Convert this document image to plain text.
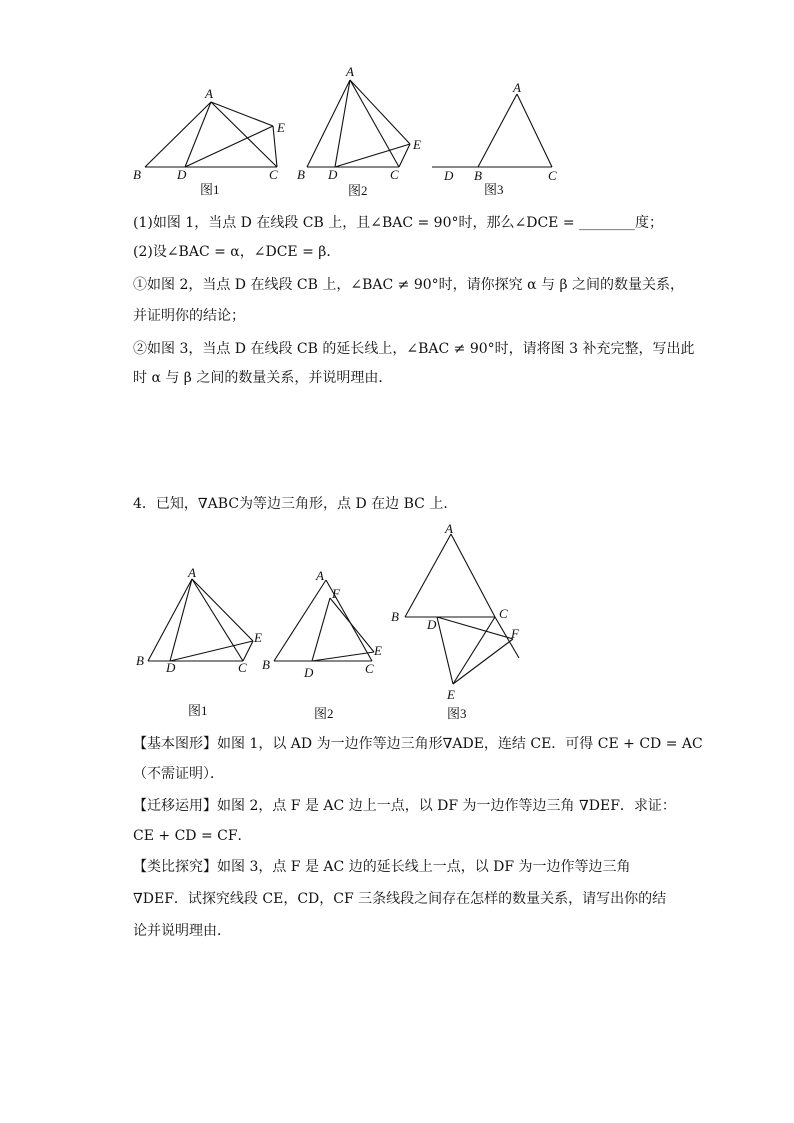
A
B	C
D
E
图1
A
B	C
D
E
图2
A
B	C
D
图3

(1)如图 1，当点 D 在线段 CB 上，且∠BAC = 90°时，那么∠DCE = ________度；

(2)设∠BAC = α，∠DCE = β．

①如图 2，当点 D 在线段 CB 上，∠BAC ≠ 90°时，请你探究 α 与 β 之间的数量关系，

并证明你的结论；

②如图 3，当点 D 在线段 CB 的延长线上，∠BAC ≠ 90°时，请将图 3 补充完整，写出此

时 α 与 β 之间的数量关系，并说明理由．

4．已知，∇ABC为等边三角形，点 D 在边 BC 上．

A
B	C
D
E
图1
A
B	C
D
E
F
图2
A
B	C
D
E
F
图3

【基本图形】如图 1，以 AD 为一边作等边三角形∇ADE，连结 CE．可得 CE + CD = AC

（不需证明）．

【迁移运用】如图 2，点 F 是 AC 边上一点，以 DF 为一边作等边三角 ∇DEF．求证：

CE + CD = CF．

【类比探究】如图 3，点 F 是 AC 边的延长线上一点，以 DF 为一边作等边三角 ∇DEF．试探究线段 CE，CD，CF 三条线段之间存在怎样的数量关系，请写出你的结论并说明理由．
